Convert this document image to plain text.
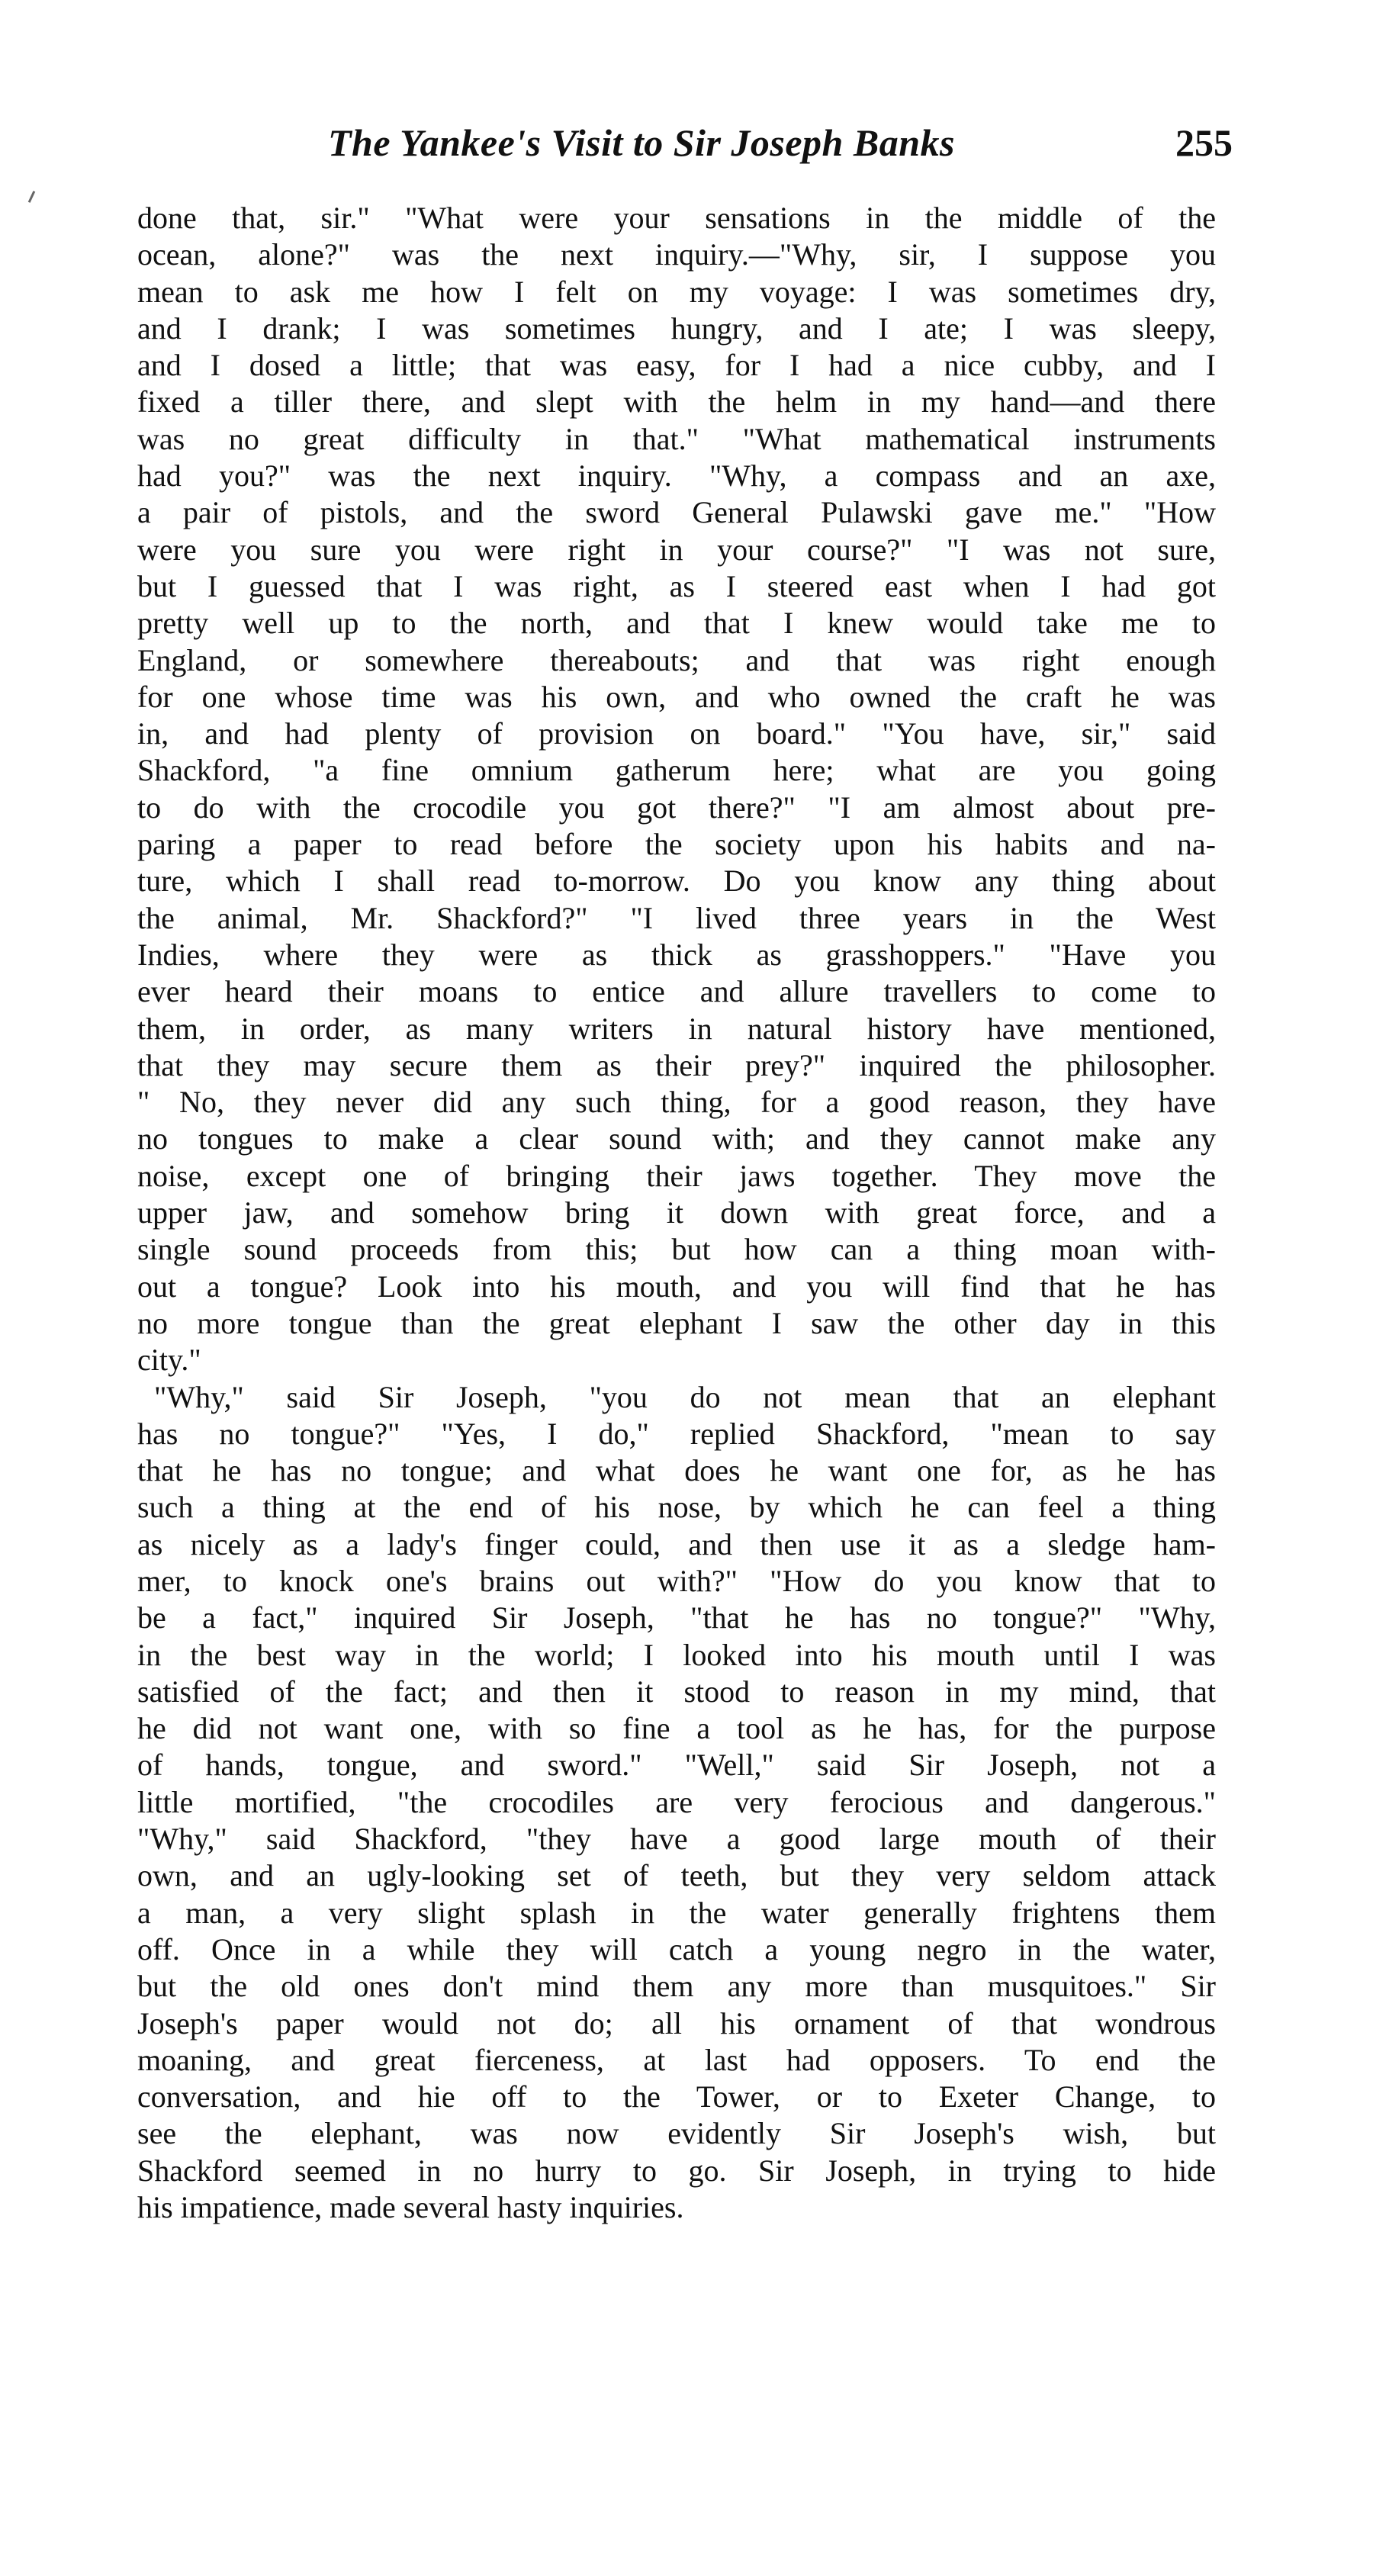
The Yankee's Visit to Sir Joseph Banks	255

done that, sir." "What were your sensations in the middle of the
ocean, alone?" was the next inquiry.—"Why, sir, I suppose you
mean to ask me how I felt on my voyage: I was sometimes dry,
and I drank; I was sometimes hungry, and I ate; I was sleepy,
and I dosed a little; that was easy, for I had a nice cubby, and I
fixed a tiller there, and slept with the helm in my hand—and there
was no great difficulty in that." "What mathematical instruments
had you?" was the next inquiry. "Why, a compass and an axe,
a pair of pistols, and the sword General Pulawski gave me." "How
were you sure you were right in your course?" "I was not sure,
but I guessed that I was right, as I steered east when I had got
pretty well up to the north, and that I knew would take me to
England, or somewhere thereabouts; and that was right enough
for one whose time was his own, and who owned the craft he was
in, and had plenty of provision on board." "You have, sir," said
Shackford, "a fine omnium gatherum here; what are you going
to do with the crocodile you got there?" "I am almost about pre-
paring a paper to read before the society upon his habits and na-
ture, which I shall read to-morrow. Do you know any thing about
the animal, Mr. Shackford?" "I lived three years in the West
Indies, where they were as thick as grasshoppers." "Have you
ever heard their moans to entice and allure travellers to come to
them, in order, as many writers in natural history have mentioned,
that they may secure them as their prey?" inquired the philosopher.
" No, they never did any such thing, for a good reason, they have
no tongues to make a clear sound with; and they cannot make any
noise, except one of bringing their jaws together. They move the
upper jaw, and somehow bring it down with great force, and a
single sound proceeds from this; but how can a thing moan with-
out a tongue? Look into his mouth, and you will find that he has
no more tongue than the great elephant I saw the other day in this
city."

"Why," said Sir Joseph, "you do not mean that an elephant
has no tongue?" "Yes, I do," replied Shackford, "mean to say
that he has no tongue; and what does he want one for, as he has
such a thing at the end of his nose, by which he can feel a thing
as nicely as a lady's finger could, and then use it as a sledge ham-
mer, to knock one's brains out with?" "How do you know that to
be a fact," inquired Sir Joseph, "that he has no tongue?" "Why,
in the best way in the world; I looked into his mouth until I was
satisfied of the fact; and then it stood to reason in my mind, that
he did not want one, with so fine a tool as he has, for the purpose
of hands, tongue, and sword." "Well," said Sir Joseph, not a
little mortified, "the crocodiles are very ferocious and dangerous."
"Why," said Shackford, "they have a good large mouth of their
own, and an ugly-looking set of teeth, but they very seldom attack
a man, a very slight splash in the water generally frightens them
off. Once in a while they will catch a young negro in the water,
but the old ones don't mind them any more than musquitoes." Sir
Joseph's paper would not do; all his ornament of that wondrous
moaning, and great fierceness, at last had opposers. To end the
conversation, and hie off to the Tower, or to Exeter Change, to
see the elephant, was now evidently Sir Joseph's wish, but
Shackford seemed in no hurry to go. Sir Joseph, in trying to hide
his impatience, made several hasty inquiries.
